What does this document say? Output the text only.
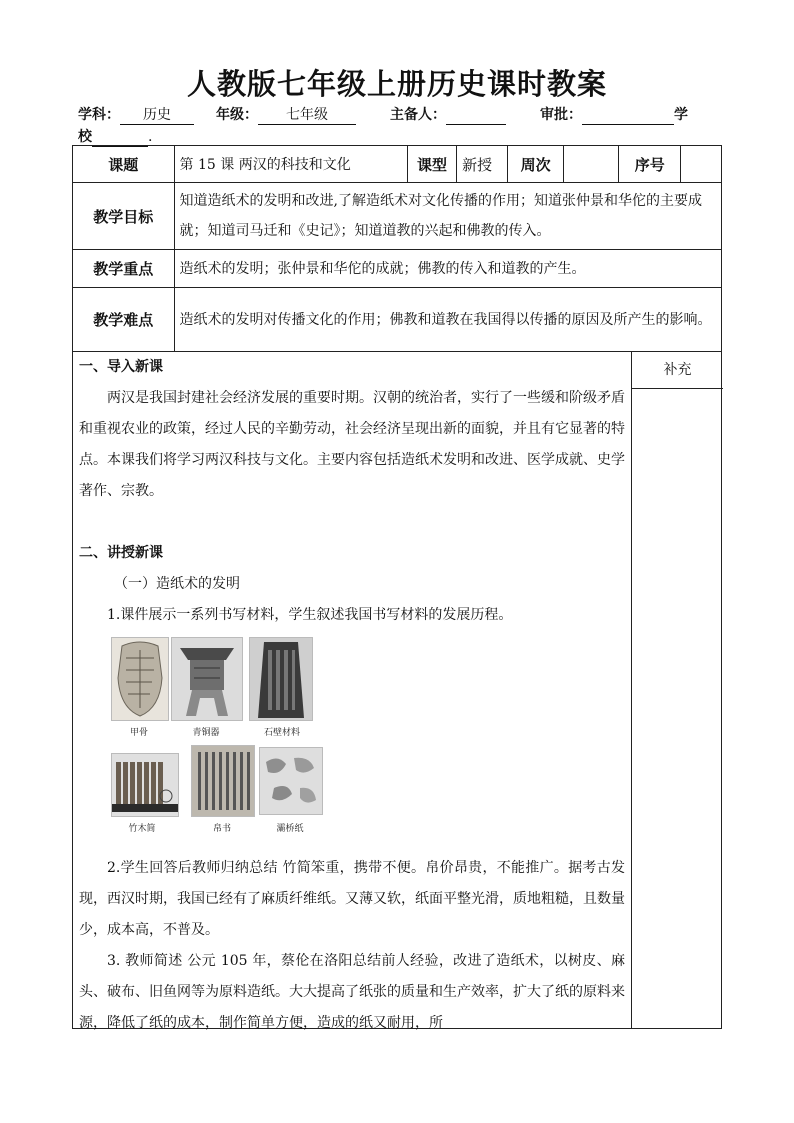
人教版七年级上册历史课时教案
学科： 历史	年级： 七年级	主备人：	审批：	学
校	.
课题	第 15 课 两汉的科技和文化	课型	新授	周次		序号	
教学目标	知道造纸术的发明和改进,了解造纸术对文化传播的作用；知道张仲景和华佗的主要成就；知道司马迁和《史记》；知道道教的兴起和佛教的传入。						
教学重点	造纸术的发明；张仲景和华佗的成就；佛教的传入和道教的产生。						
教学难点	造纸术的发明对传播文化的作用；佛教和道教在我国得以传播的原因及所产生的影响。						
补充

一、导入新课

两汉是我国封建社会经济发展的重要时期。汉朝的统治者，实行了一些缓和阶级矛盾和重视农业的政策，经过人民的辛勤劳动，社会经济呈现出新的面貌，并且有它显著的特点。本课我们将学习两汉科技与文化。主要内容包括造纸术发明和改进、医学成就、史学著作、宗教。

二、讲授新课

（一）造纸术的发明

1.课件展示一系列书写材料，学生叙述我国书写材料的发展历程。

甲骨	青铜器	石壁材料
竹木简	帛书	灞桥纸

2.学生回答后教师归纳总结 竹简笨重，携带不便。帛价昂贵，不能推广。据考古发现，西汉时期，我国已经有了麻质纤维纸。又薄又软，纸面平整光滑，质地粗糙，且数量少，成本高，不普及。

3. 教师简述 公元 105 年，蔡伦在洛阳总结前人经验，改进了造纸术，以树皮、麻头、破布、旧鱼网等为原料造纸。大大提高了纸张的质量和生产效率，扩大了纸的原料来源，降低了纸的成本，制作简单方便，造成的纸又耐用，所
